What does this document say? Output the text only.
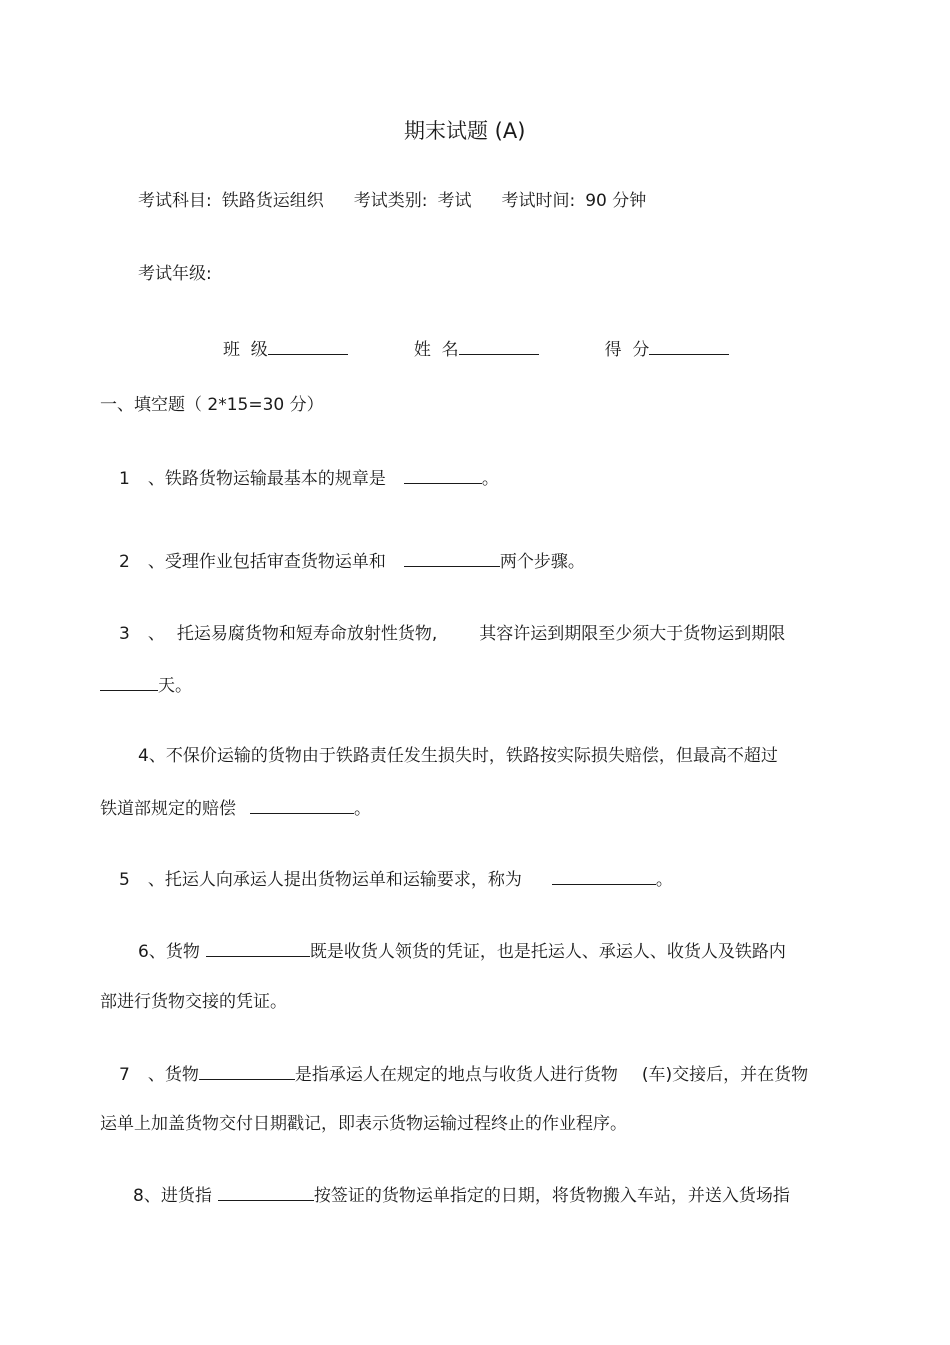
期末试题 (A)
考试科目: 铁路货运组织 考试类别: 考试 考试时间: 90 分钟
考试年级:
班  级	姓  名	得  分
一、填空题（ 2*15=30 分）
1 、铁路货物运输最基本的规章是	。
2 、受理作业包括审查货物运单和	两个步骤。
3 、 托运易腐货物和短寿命放射性货物, 其容许运到期限至少须大于货物运到期限
天。
4、不保价运输的货物由于铁路责任发生损失时，铁路按实际损失赔偿，但最高不超过
铁道部规定的赔偿	。
5 、托运人向承运人提出货物运单和运输要求，称为	。
6、货物	既是收货人领货的凭证，也是托运人、承运人、收货人及铁路内
部进行货物交接的凭证。
7 、货物	是指承运人在规定的地点与收货人进行货物 (车)交接后，并在货物
运单上加盖货物交付日期戳记，即表示货物运输过程终止的作业程序。
8、进货指	按签证的货物运单指定的日期，将货物搬入车站，并送入货场指
